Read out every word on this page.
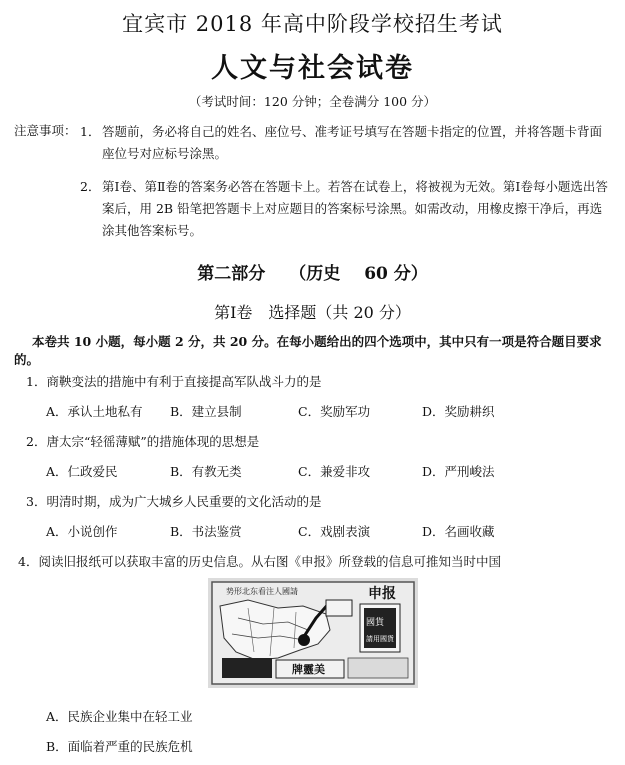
宜宾市 2018 年高中阶段学校招生考试
人文与社会试卷
（考试时间：120 分钟；全卷满分 100 分）
注意事项： 1． 答题前，务必将自己的姓名、座位号、准考证号填写在答题卡指定的位置，并将答题卡背面座位号对应标号涂黑。
2． 第Ⅰ卷、第Ⅱ卷的答案务必答在答题卡上。若答在试卷上，将被视为无效。第Ⅰ卷每小题选出答案后，用 2B 铅笔把答题卡上对应题目的答案标号涂黑。如需改动，用橡皮擦干净后，再选涂其他答案标号。
第二部分 （历史 60 分）
第Ⅰ卷　选择题（共 20 分）
本卷共 10 小题，每小题 2 分，共 20 分。在每小题给出的四个选项中，其中只有一项是符合题目要求的。
1．商鞅变法的措施中有利于直接提高军队战斗力的是
A．承认土地私有 B．建立县制	C．奖励军功	D．奖励耕织
2．唐太宗“轻徭薄赋”的措施体现的思想是
A．仁政爱民	B．有教无类	C．兼爱非攻	D．严刑峻法
3．明清时期，成为广大城乡人民重要的文化活动的是
A．小说创作	B．书法鉴赏	C．戏剧表演	D．名画收藏
4．阅读旧报纸可以获取丰富的历史信息。从右图《申报》所登载的信息可推知当时中国
势形北东看注人國請	申报
國貨
請用國貨
牌靈美
A．民族企业集中在轻工业
B．面临着严重的民族危机
